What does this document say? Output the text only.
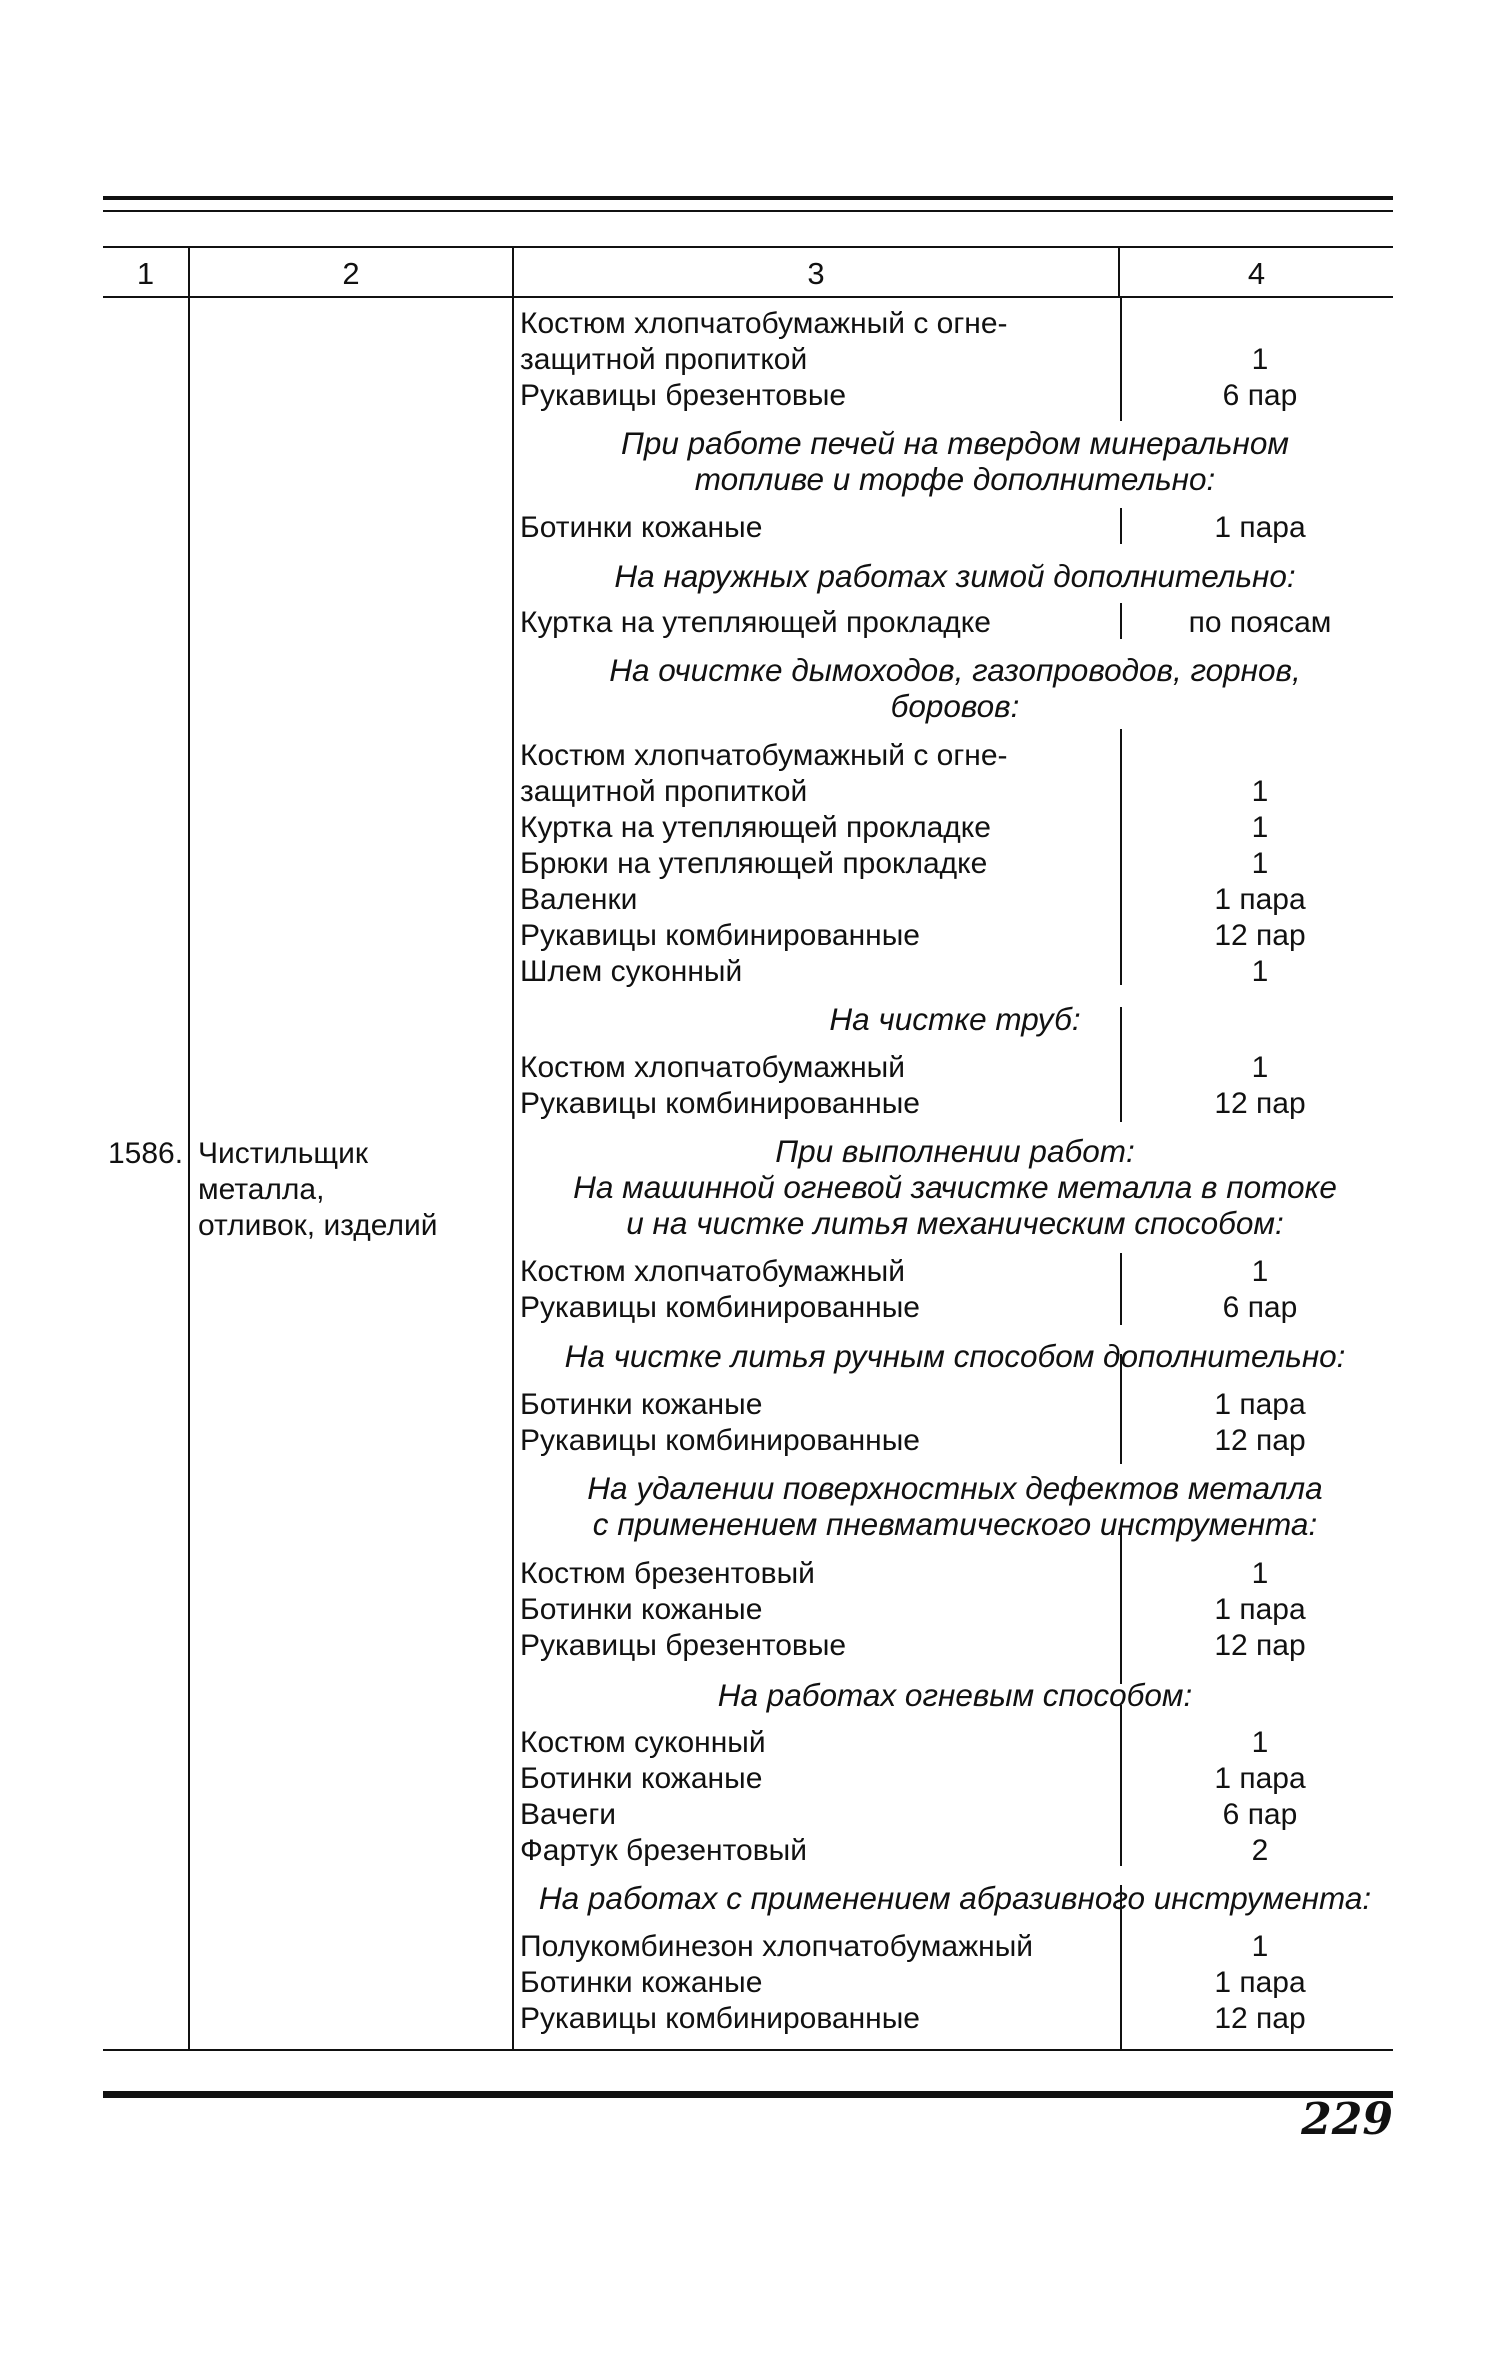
1	2	3	4
1586. Чистильщик
металла,
отливок, изделий
Костюм хлопчатобумажный с огне-
защитной пропиткой	1
Рукавицы брезентовые	6 пар
При работе печей на твердом минеральном
топливе и торфе дополнительно:
Ботинки кожаные	1 пара
На наружных работах зимой дополнительно:
Куртка на утепляющей прокладке	по поясам
На очистке дымоходов, газопроводов, горнов,
боровов:
Костюм хлопчатобумажный с огне-
защитной пропиткой	1
Куртка на утепляющей прокладке	1
Брюки на утепляющей прокладке	1
Валенки	1 пара
Рукавицы комбинированные	12 пар
Шлем суконный	1
На чистке труб:
Костюм хлопчатобумажный	1
Рукавицы комбинированные	12 пар
При выполнении работ:
На машинной огневой зачистке металла в потоке
и на чистке литья механическим способом:
Костюм хлопчатобумажный	1
Рукавицы комбинированные	6 пар
На чистке литья ручным способом дополнительно:
Ботинки кожаные	1 пара
Рукавицы комбинированные	12 пар
На удалении поверхностных дефектов металла
с применением пневматического инструмента:
Костюм брезентовый	1
Ботинки кожаные	1 пара
Рукавицы брезентовые	12 пар
На работах огневым способом:
Костюм суконный	1
Ботинки кожаные	1 пара
Вачеги	6 пар
Фартук брезентовый	2
На работах с применением абразивного инструмента:
Полукомбинезон хлопчатобумажный	1
Ботинки кожаные	1 пара
Рукавицы комбинированные	12 пар
229
